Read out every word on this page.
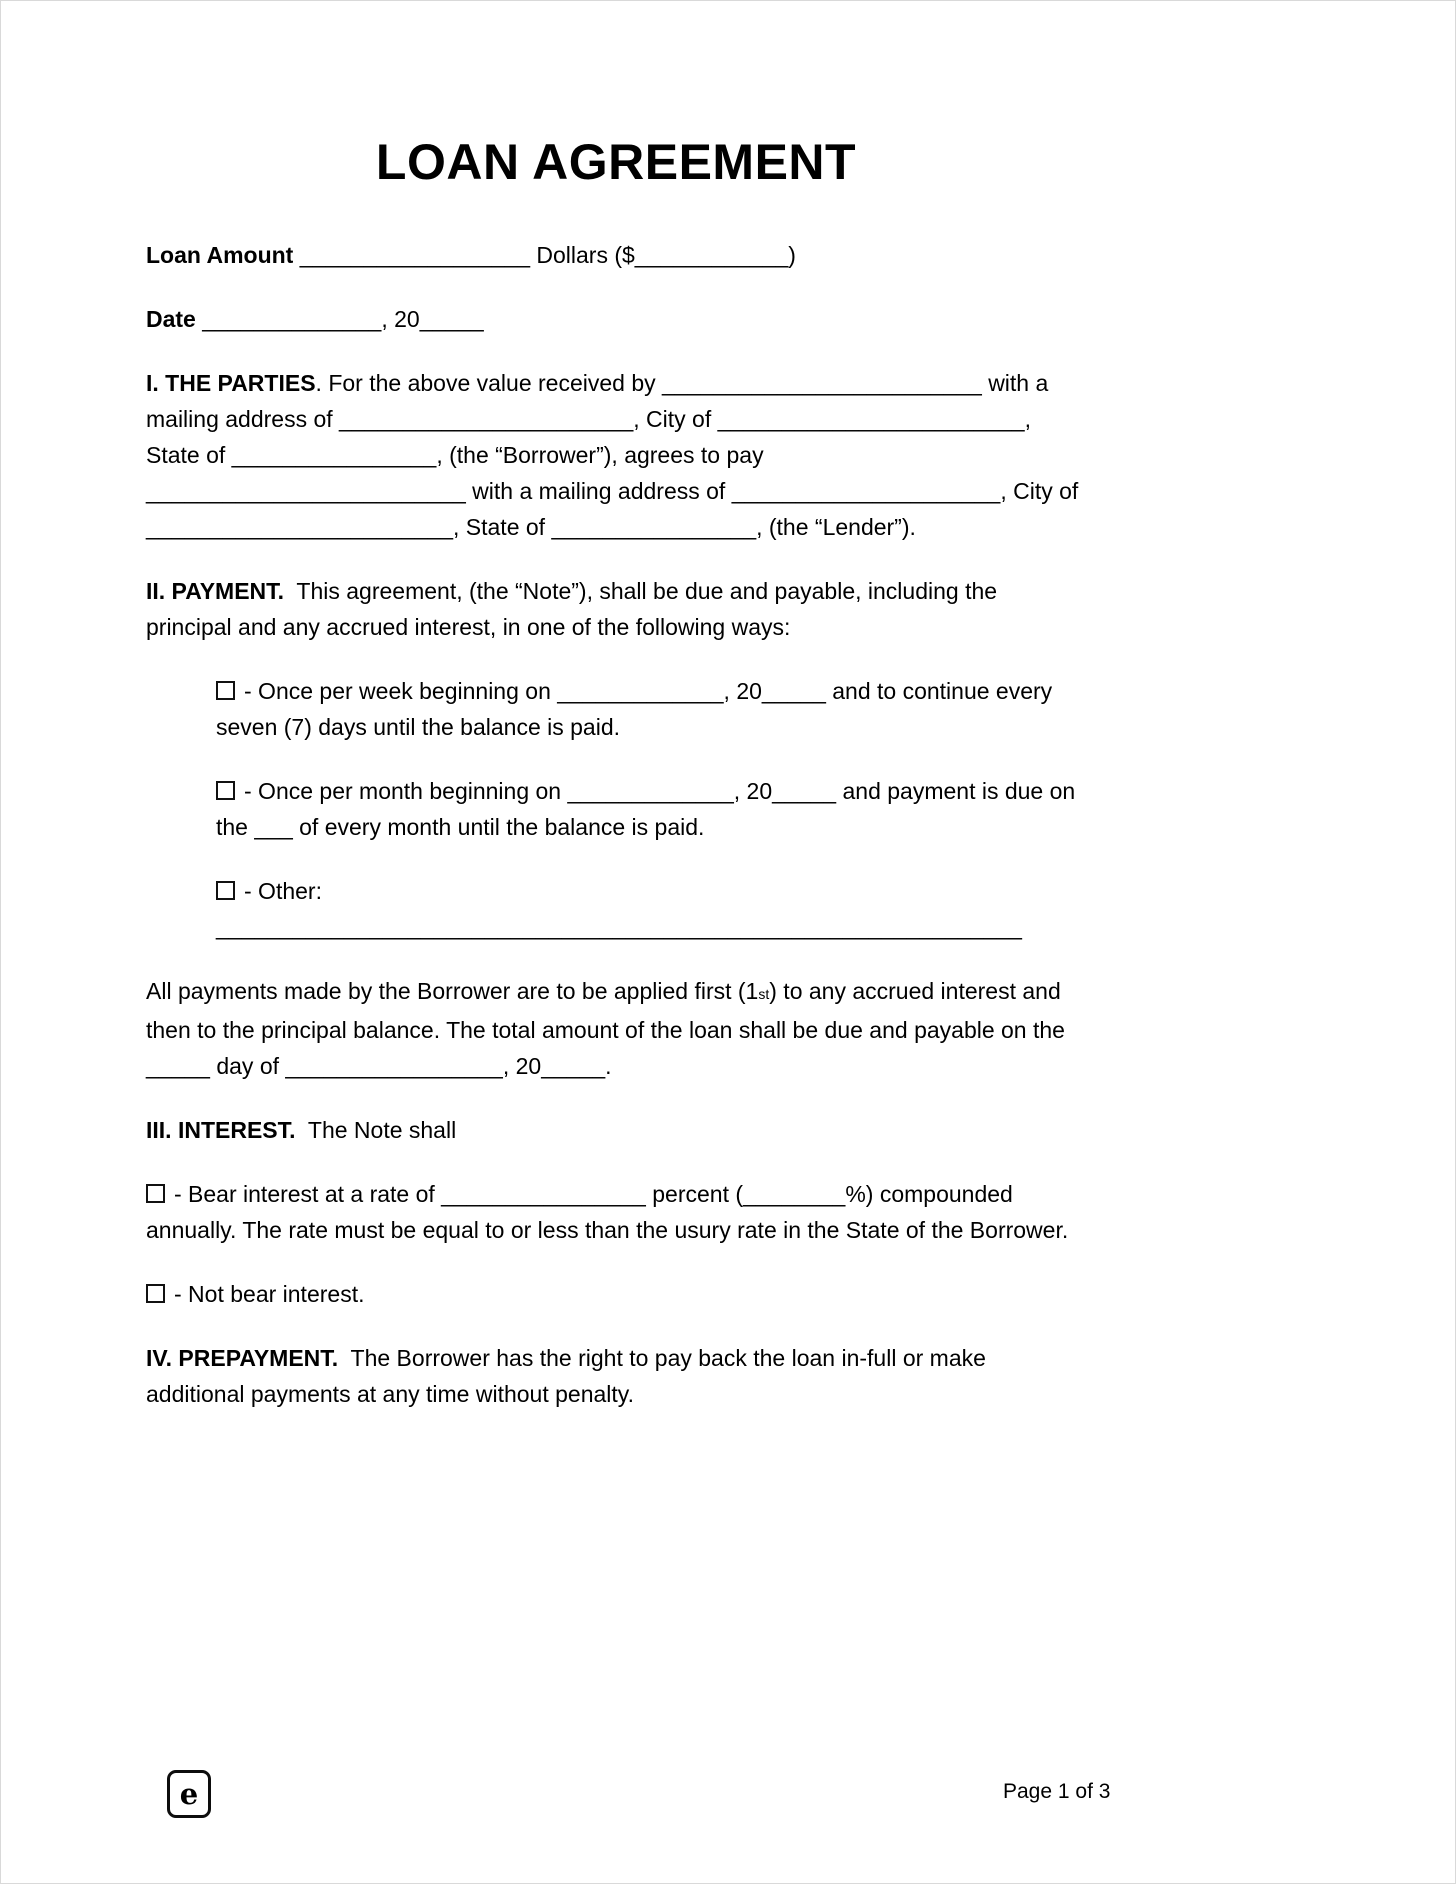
LOAN AGREEMENT

Loan Amount __________________ Dollars ($____________)

Date ______________, 20_____

I. THE PARTIES. For the above value received by _________________________ with a mailing address of _______________________, City of ________________________, State of ________________, (the “Borrower”), agrees to pay _________________________ with a mailing address of _____________________, City of ________________________, State of ________________, (the “Lender”).

II. PAYMENT.  This agreement, (the “Note”), shall be due and payable, including the principal and any accrued interest, in one of the following ways:

- Once per week beginning on _____________, 20_____ and to continue every seven (7) days until the balance is paid.

- Once per month beginning on _____________, 20_____ and payment is due on the ___ of every month until the balance is paid.

- Other: _______________________________________________________________

All payments made by the Borrower are to be applied first (1st) to any accrued interest and then to the principal balance. The total amount of the loan shall be due and payable on the _____ day of _________________, 20_____.

III. INTEREST.  The Note shall

- Bear interest at a rate of ________________ percent (________%) compounded annually. The rate must be equal to or less than the usury rate in the State of the Borrower.

- Not bear interest.

IV. PREPAYMENT.  The Borrower has the right to pay back the loan in-full or make additional payments at any time without penalty.

e	Page 1 of 3
